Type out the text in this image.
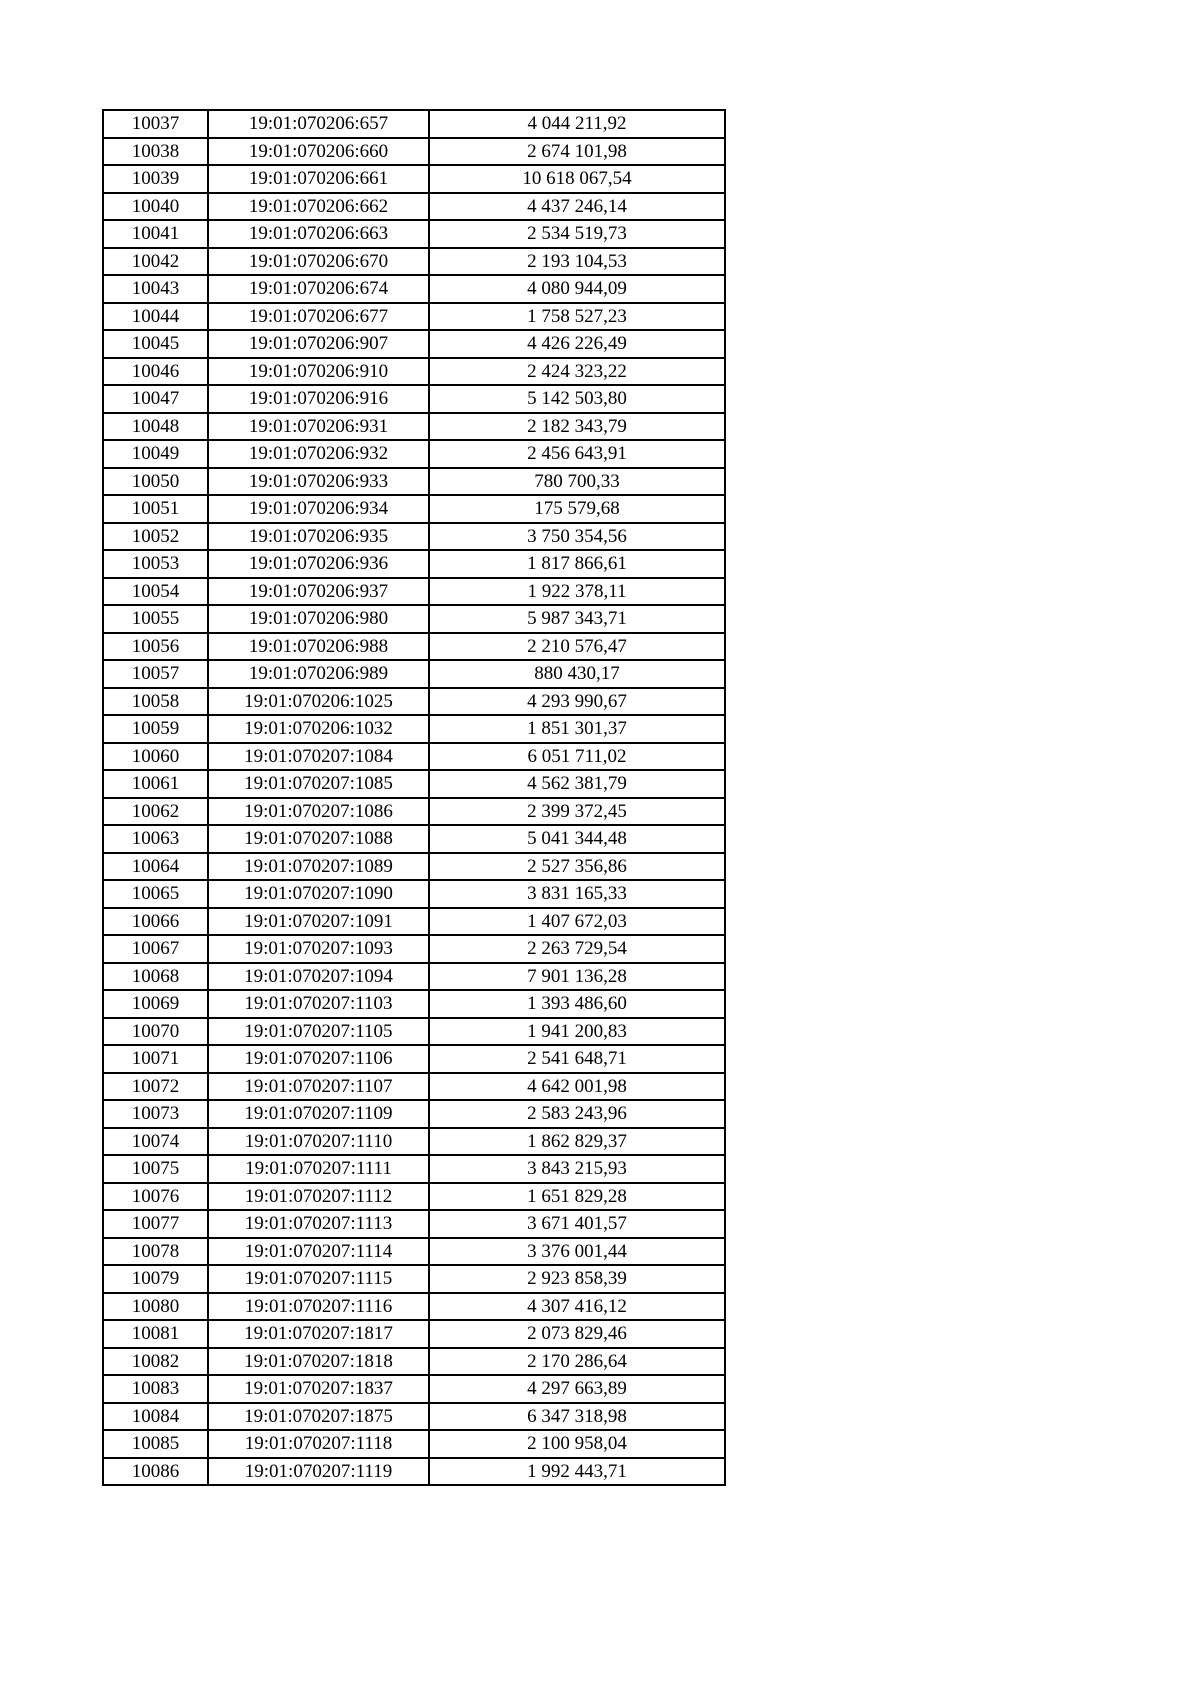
10037	19:01:070206:657	4 044 211,92
10038	19:01:070206:660	2 674 101,98
10039	19:01:070206:661	10 618 067,54
10040	19:01:070206:662	4 437 246,14
10041	19:01:070206:663	2 534 519,73
10042	19:01:070206:670	2 193 104,53
10043	19:01:070206:674	4 080 944,09
10044	19:01:070206:677	1 758 527,23
10045	19:01:070206:907	4 426 226,49
10046	19:01:070206:910	2 424 323,22
10047	19:01:070206:916	5 142 503,80
10048	19:01:070206:931	2 182 343,79
10049	19:01:070206:932	2 456 643,91
10050	19:01:070206:933	780 700,33
10051	19:01:070206:934	175 579,68
10052	19:01:070206:935	3 750 354,56
10053	19:01:070206:936	1 817 866,61
10054	19:01:070206:937	1 922 378,11
10055	19:01:070206:980	5 987 343,71
10056	19:01:070206:988	2 210 576,47
10057	19:01:070206:989	880 430,17
10058	19:01:070206:1025	4 293 990,67
10059	19:01:070206:1032	1 851 301,37
10060	19:01:070207:1084	6 051 711,02
10061	19:01:070207:1085	4 562 381,79
10062	19:01:070207:1086	2 399 372,45
10063	19:01:070207:1088	5 041 344,48
10064	19:01:070207:1089	2 527 356,86
10065	19:01:070207:1090	3 831 165,33
10066	19:01:070207:1091	1 407 672,03
10067	19:01:070207:1093	2 263 729,54
10068	19:01:070207:1094	7 901 136,28
10069	19:01:070207:1103	1 393 486,60
10070	19:01:070207:1105	1 941 200,83
10071	19:01:070207:1106	2 541 648,71
10072	19:01:070207:1107	4 642 001,98
10073	19:01:070207:1109	2 583 243,96
10074	19:01:070207:1110	1 862 829,37
10075	19:01:070207:1111	3 843 215,93
10076	19:01:070207:1112	1 651 829,28
10077	19:01:070207:1113	3 671 401,57
10078	19:01:070207:1114	3 376 001,44
10079	19:01:070207:1115	2 923 858,39
10080	19:01:070207:1116	4 307 416,12
10081	19:01:070207:1817	2 073 829,46
10082	19:01:070207:1818	2 170 286,64
10083	19:01:070207:1837	4 297 663,89
10084	19:01:070207:1875	6 347 318,98
10085	19:01:070207:1118	2 100 958,04
10086	19:01:070207:1119	1 992 443,71
